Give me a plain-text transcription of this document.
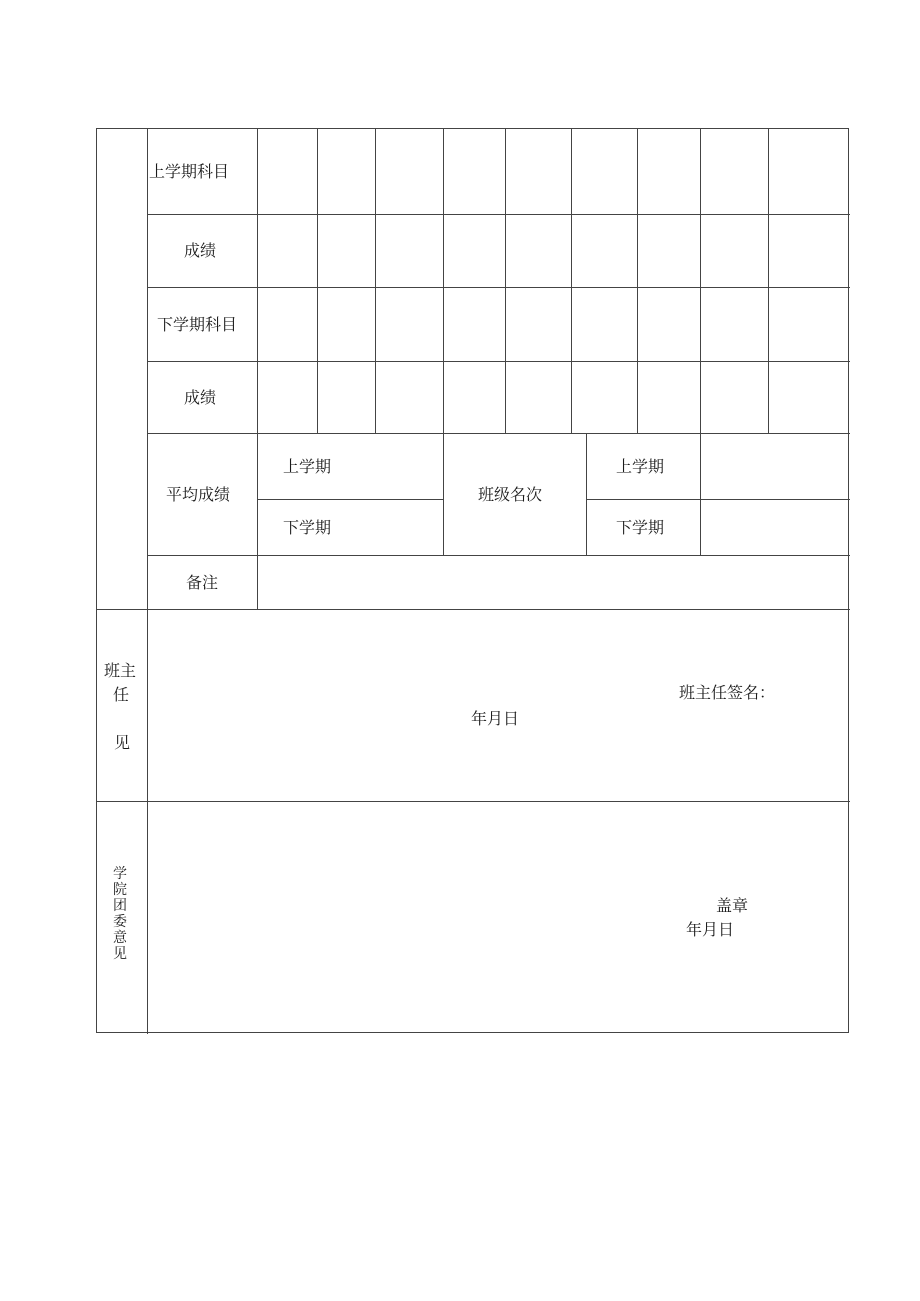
上学期科目
成绩
下学期科目
成绩
平均成绩
上学期
下学期
班级名次
上学期
下学期
备注
班主
任
见
班主任签名：
年月日
学院团委意见
盖章
年月日
